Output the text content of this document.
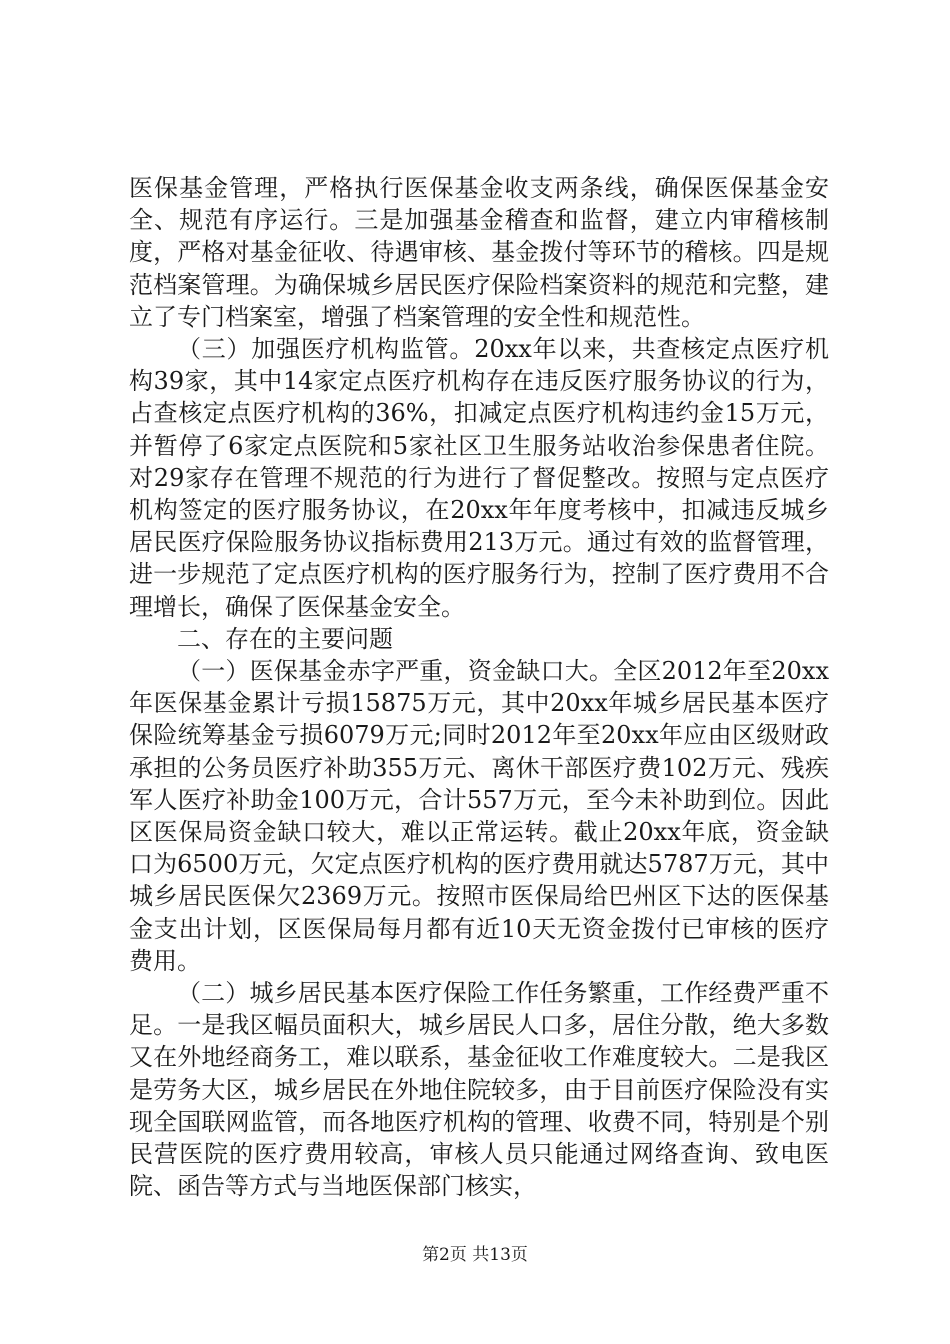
医保基金管理，严格执行医保基金收支两条线，确保医保基金安全、规范有序运行。三是加强基金稽查和监督，建立内审稽核制度，严格对基金征收、待遇审核、基金拨付等环节的稽核。四是规范档案管理。为确保城乡居民医疗保险档案资料的规范和完整，建立了专门档案室，增强了档案管理的安全性和规范性。

（三）加强医疗机构监管。20xx年以来，共查核定点医疗机构39家，其中14家定点医疗机构存在违反医疗服务协议的行为，占查核定点医疗机构的36%，扣减定点医疗机构违约金15万元，并暂停了6家定点医院和5家社区卫生服务站收治参保患者住院。对29家存在管理不规范的行为进行了督促整改。按照与定点医疗机构签定的医疗服务协议，在20xx年年度考核中，扣减违反城乡居民医疗保险服务协议指标费用213万元。通过有效的监督管理，进一步规范了定点医疗机构的医疗服务行为，控制了医疗费用不合理增长，确保了医保基金安全。

二、存在的主要问题

（一）医保基金赤字严重，资金缺口大。全区2012年至20xx年医保基金累计亏损15875万元，其中20xx年城乡居民基本医疗保险统筹基金亏损6079万元;同时2012年至20xx年应由区级财政承担的公务员医疗补助355万元、离休干部医疗费102万元、残疾军人医疗补助金100万元，合计557万元，至今未补助到位。因此区医保局资金缺口较大，难以正常运转。截止20xx年底，资金缺口为6500万元，欠定点医疗机构的医疗费用就达5787万元，其中城乡居民医保欠2369万元。按照市医保局给巴州区下达的医保基金支出计划，区医保局每月都有近10天无资金拨付已审核的医疗费用。

（二）城乡居民基本医疗保险工作任务繁重，工作经费严重不足。一是我区幅员面积大，城乡居民人口多，居住分散，绝大多数又在外地经商务工，难以联系，基金征收工作难度较大。二是我区是劳务大区，城乡居民在外地住院较多，由于目前医疗保险没有实现全国联网监管，而各地医疗机构的管理、收费不同，特别是个别民营医院的医疗费用较高，审核人员只能通过网络查询、致电医院、函告等方式与当地医保部门核实，

第2页 共13页
